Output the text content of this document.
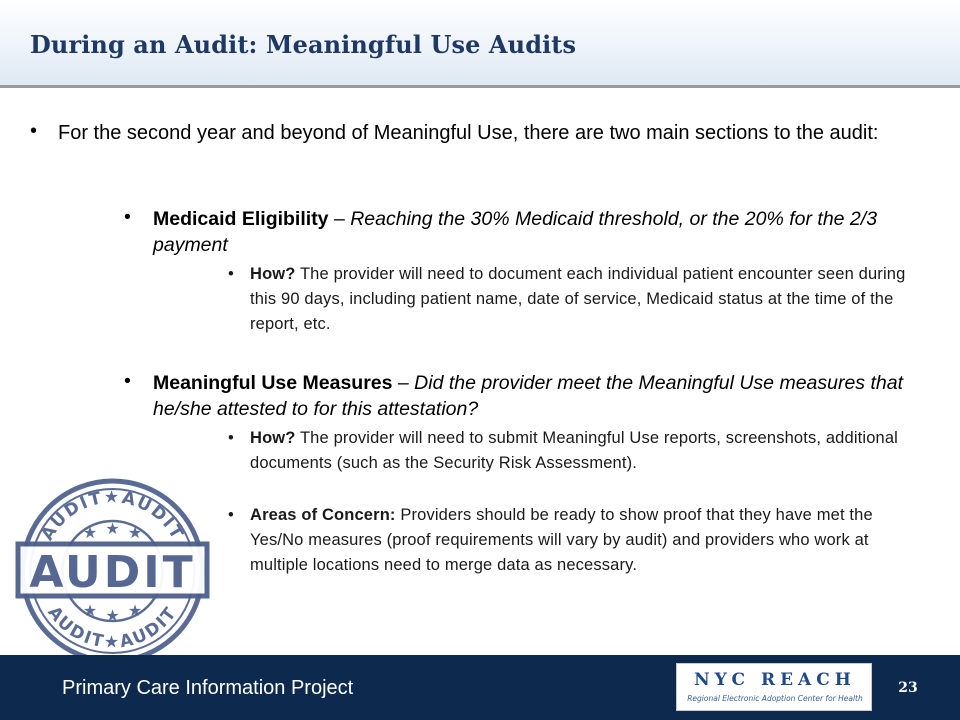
During an Audit: Meaningful Use Audits
• For the second year and beyond of Meaningful Use, there are two main sections to the audit:
• Medicaid Eligibility – Reaching the 30% Medicaid threshold, or the 20% for the 2/3 payment
• How? The provider will need to document each individual patient encounter seen during this 90 days, including patient name, date of service, Medicaid status at the time of the report, etc.
• Meaningful Use Measures – Did the provider meet the Meaningful Use measures that he/she attested to for this attestation?
• How? The provider will need to submit Meaningful Use reports, screenshots, additional documents (such as the Security Risk Assessment).
• Areas of Concern: Providers should be ready to show proof that they have met the Yes/No measures (proof requirements will vary by audit) and providers who work at multiple locations need to merge data as necessary.
AUDIT★AUDIT
AUDIT★AUDIT
★ ★ ★
★ ★ ★
AUDIT
Primary Care Information Project	NYC REACH
Regional Electronic Adoption Center for Health
23
